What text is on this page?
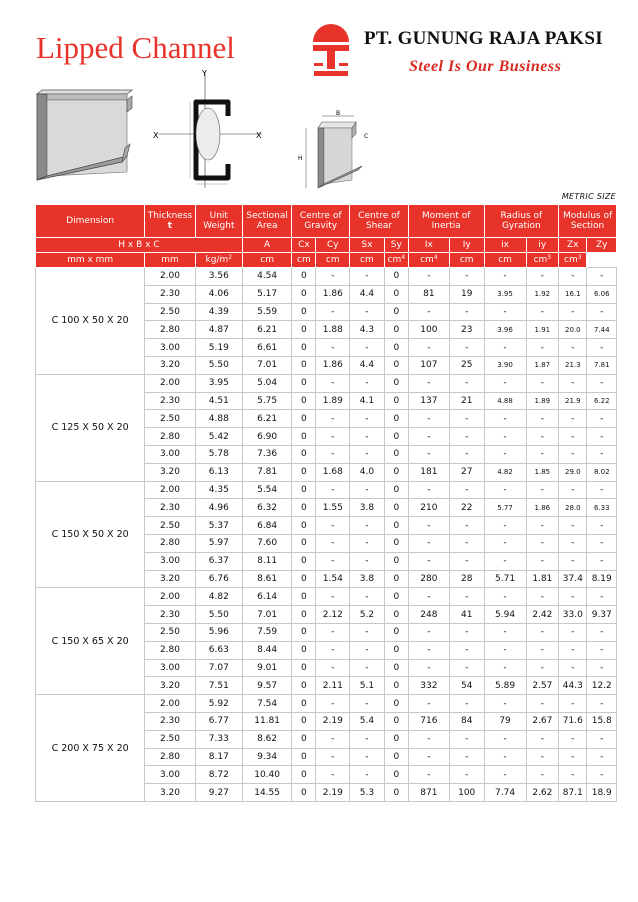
Lipped Channel	PT. GUNUNG RAJA PAKSI
Steel Is Our Business
Y
X	X
B
C
H
METRIC SIZE
Dimension	Thickness
t	Unit Weight	Sectional Area	Centre of Gravity		Centre of Shear		Moment of Inertia		Radius of Gyration		Modulus of Section	
H x B x C			A	Cx	Cy	Sx	Sy	Ix	Iy	ix	iy	Zx	Zy
mm x mm	mm	$kg/m^2$	cm	cm	cm	cm	$cm^4$	$cm^4$	cm	cm	$cm^3$	$cm^3$
C 100 X 50 X 20	2.00	3.56	4.54	0	-	-	0	-	-	-	-	-	-
	2.30	4.06	5.17	0	1.86	4.4	0	81	19	3.95	1.92	16.1	6.06
	2.50	4.39	5.59	0	-	-	0	-	-	-	-	-	-
	2.80	4.87	6.21	0	1.88	4.3	0	100	23	3.96	1.91	20.0	7.44
	3.00	5.19	6.61	0	-	-	0	-	-	-	-	-	-
	3.20	5.50	7.01	0	1.86	4.4	0	107	25	3.90	1.87	21.3	7.81
C 125 X 50 X 20	2.00	3.95	5.04	0	-	-	0	-	-	-	-	-	-
	2.30	4.51	5.75	0	1.89	4.1	0	137	21	4.88	1.89	21.9	6.22
	2.50	4.88	6.21	0	-	-	0	-	-	-	-	-	-
	2.80	5.42	6.90	0	-	-	0	-	-	-	-	-	-
	3.00	5.78	7.36	0	-	-	0	-	-	-	-	-	-
	3.20	6.13	7.81	0	1.68	4.0	0	181	27	4.82	1.85	29.0	8.02
C 150 X 50 X 20	2.00	4.35	5.54	0	-	-	0	-	-	-	-	-	-
	2.30	4.96	6.32	0	1.55	3.8	0	210	22	5.77	1.86	28.0	6.33
	2.50	5.37	6.84	0	-	-	0	-	-	-	-	-	-
	2.80	5.97	7.60	0	-	-	0	-	-	-	-	-	-
	3.00	6.37	8.11	0	-	-	0	-	-	-	-	-	-
	3.20	6.76	8.61	0	1.54	3.8	0	280	28	5.71	1.81	37.4	8.19
C 150 X 65 X 20	2.00	4.82	6.14	0	-	-	0	-	-	-	-	-	-
	2.30	5.50	7.01	0	2.12	5.2	0	248	41	5.94	2.42	33.0	9.37
	2.50	5.96	7.59	0	-	-	0	-	-	-	-	-	-
	2.80	6.63	8.44	0	-	-	0	-	-	-	-	-	-
	3.00	7.07	9.01	0	-	-	0	-	-	-	-	-	-
	3.20	7.51	9.57	0	2.11	5.1	0	332	54	5.89	2.57	44.3	12.2
C 200 X 75 X 20	2.00	5.92	7.54	0	-	-	0	-	-	-	-	-	-
	2.30	6.77	11.81	0	2.19	5.4	0	716	84	79	2.67	71.6	15.8
	2.50	7.33	8.62	0	-	-	0	-	-	-	-	-	-
	2.80	8.17	9.34	0	-	-	0	-	-	-	-	-	-
	3.00	8.72	10.40	0	-	-	0	-	-	-	-	-	-
	3.20	9.27	14.55	0	2.19	5.3	0	871	100	7.74	2.62	87.1	18.9
